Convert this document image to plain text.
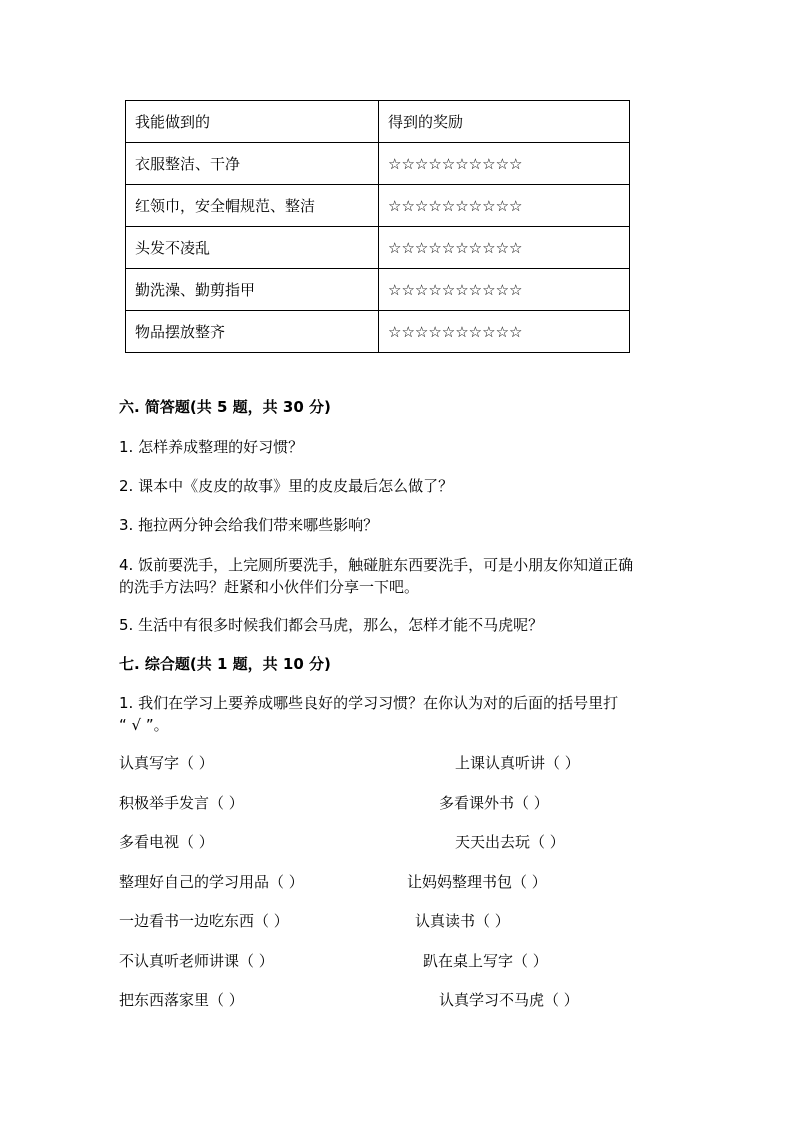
我能做到的	得到的奖励
衣服整洁、干净	☆☆☆☆☆☆☆☆☆☆
红领巾，安全帽规范、整洁	☆☆☆☆☆☆☆☆☆☆
头发不凌乱	☆☆☆☆☆☆☆☆☆☆
勤洗澡、勤剪指甲	☆☆☆☆☆☆☆☆☆☆
物品摆放整齐	☆☆☆☆☆☆☆☆☆☆
六. 简答题(共 5 题，共 30 分)
1. 怎样养成整理的好习惯？
2. 课本中《皮皮的故事》里的皮皮最后怎么做了？
3. 拖拉两分钟会给我们带来哪些影响？
4. 饭前要洗手，上完厕所要洗手，触碰脏东西要洗手，可是小朋友你知道正确
的洗手方法吗？赶紧和小伙伴们分享一下吧。
5. 生活中有很多时候我们都会马虎，那么，怎样才能不马虎呢？
七. 综合题(共 1 题，共 10 分)
1. 我们在学习上要养成哪些良好的学习习惯？在你认为对的后面的括号里打
“ √ ”。
认真写字（ ）	上课认真听讲（ ）
积极举手发言（ ）	多看课外书（ ）
多看电视（ ）	天天出去玩（ ）
整理好自己的学习用品（ ）	让妈妈整理书包（ ）
一边看书一边吃东西（ ）	认真读书（ ）
不认真听老师讲课（ ）	趴在桌上写字（ ）
把东西落家里（ ）	认真学习不马虎（ ）
